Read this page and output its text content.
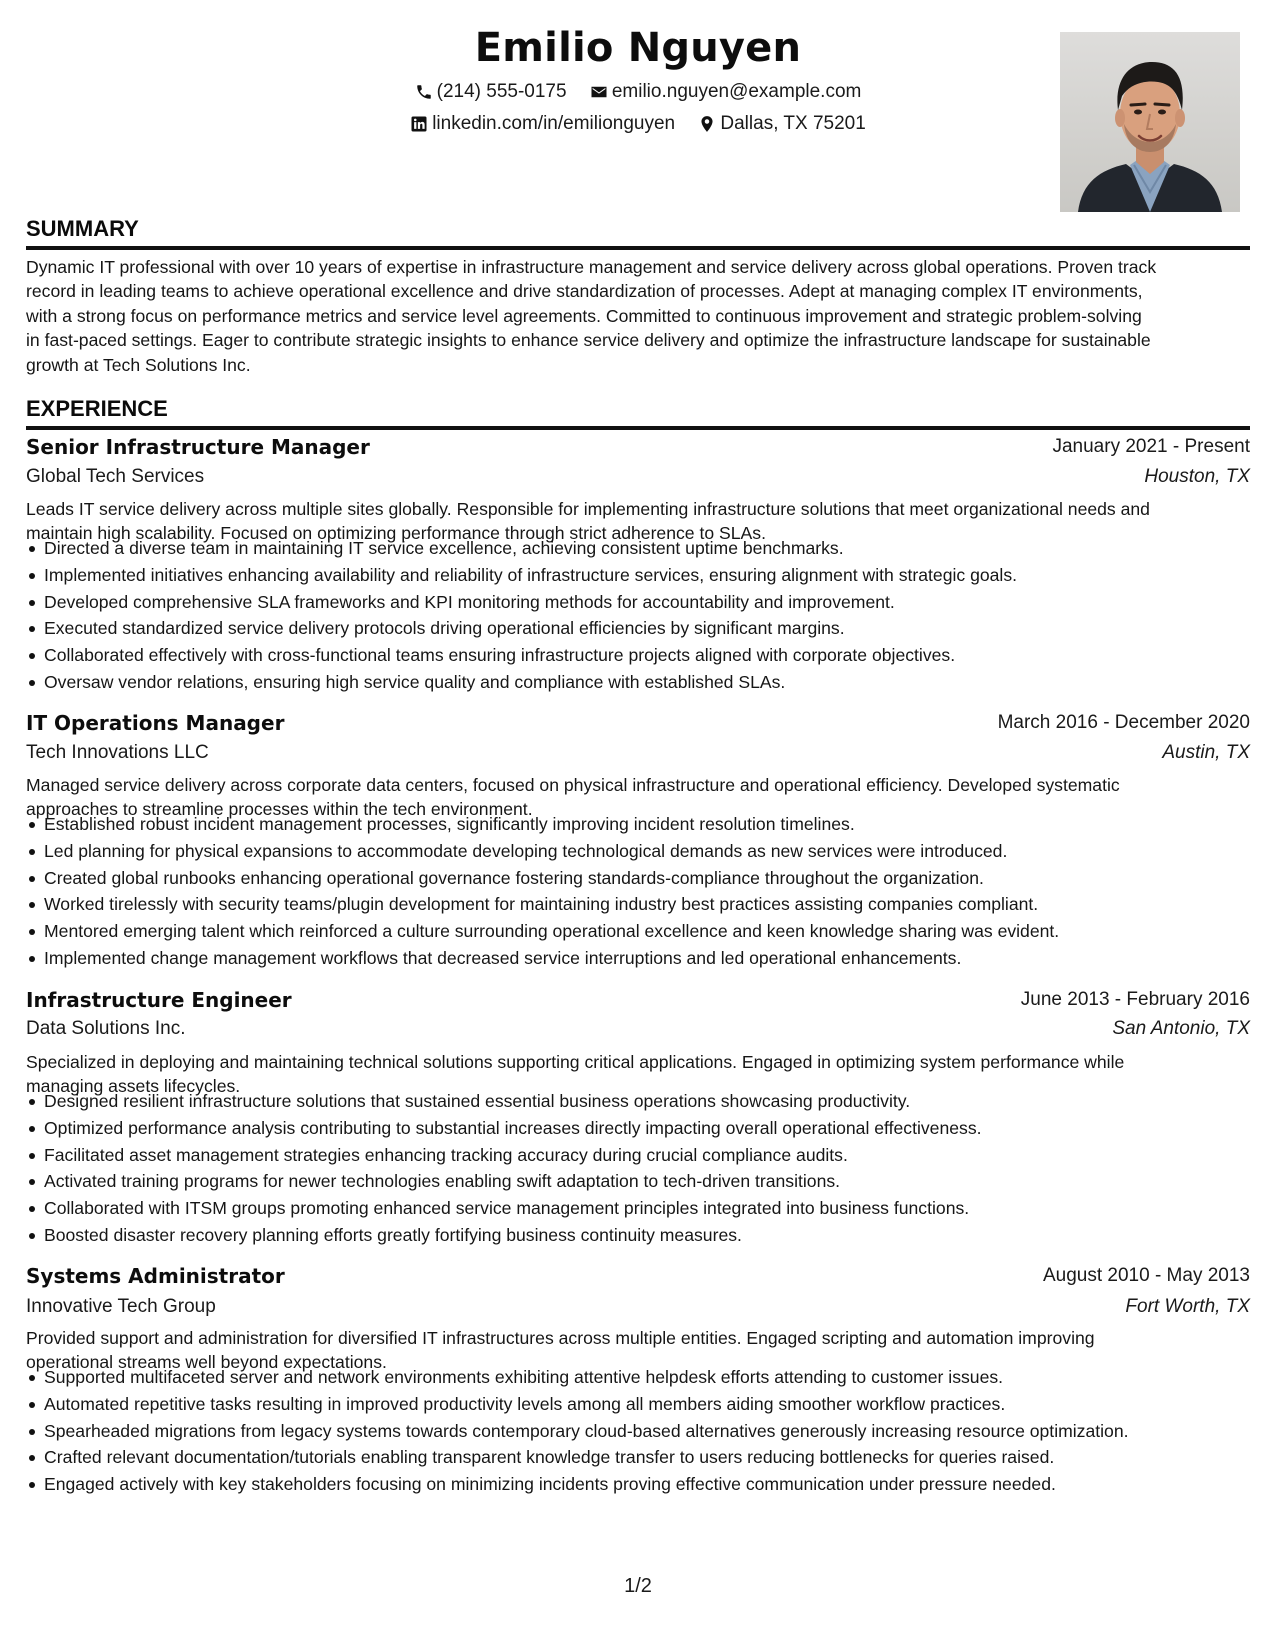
Emilio Nguyen
(214) 555-0175
emilio.nguyen@example.com
linkedin.com/in/emilionguyen
Dallas, TX 75201
SUMMARY
Dynamic IT professional with over 10 years of expertise in infrastructure management and service delivery across global operations. Proven track
record in leading teams to achieve operational excellence and drive standardization of processes. Adept at managing complex IT environments,
with a strong focus on performance metrics and service level agreements. Committed to continuous improvement and strategic problem-solving
in fast-paced settings. Eager to contribute strategic insights to enhance service delivery and optimize the infrastructure landscape for sustainable
growth at Tech Solutions Inc.
EXPERIENCE
Senior Infrastructure Manager	January 2021 - Present
Global Tech Services	Houston, TX
Leads IT service delivery across multiple sites globally. Responsible for implementing infrastructure solutions that meet organizational needs and
maintain high scalability. Focused on optimizing performance through strict adherence to SLAs.
Directed a diverse team in maintaining IT service excellence, achieving consistent uptime benchmarks.
Implemented initiatives enhancing availability and reliability of infrastructure services, ensuring alignment with strategic goals.
Developed comprehensive SLA frameworks and KPI monitoring methods for accountability and improvement.
Executed standardized service delivery protocols driving operational efficiencies by significant margins.
Collaborated effectively with cross-functional teams ensuring infrastructure projects aligned with corporate objectives.
Oversaw vendor relations, ensuring high service quality and compliance with established SLAs.
IT Operations Manager	March 2016 - December 2020
Tech Innovations LLC	Austin, TX
Managed service delivery across corporate data centers, focused on physical infrastructure and operational efficiency. Developed systematic
approaches to streamline processes within the tech environment.
Established robust incident management processes, significantly improving incident resolution timelines.
Led planning for physical expansions to accommodate developing technological demands as new services were introduced.
Created global runbooks enhancing operational governance fostering standards-compliance throughout the organization.
Worked tirelessly with security teams/plugin development for maintaining industry best practices assisting companies compliant.
Mentored emerging talent which reinforced a culture surrounding operational excellence and keen knowledge sharing was evident.
Implemented change management workflows that decreased service interruptions and led operational enhancements.
Infrastructure Engineer	June 2013 - February 2016
Data Solutions Inc.	San Antonio, TX
Specialized in deploying and maintaining technical solutions supporting critical applications. Engaged in optimizing system performance while
managing assets lifecycles.
Designed resilient infrastructure solutions that sustained essential business operations showcasing productivity.
Optimized performance analysis contributing to substantial increases directly impacting overall operational effectiveness.
Facilitated asset management strategies enhancing tracking accuracy during crucial compliance audits.
Activated training programs for newer technologies enabling swift adaptation to tech-driven transitions.
Collaborated with ITSM groups promoting enhanced service management principles integrated into business functions.
Boosted disaster recovery planning efforts greatly fortifying business continuity measures.
Systems Administrator	August 2010 - May 2013
Innovative Tech Group	Fort Worth, TX
Provided support and administration for diversified IT infrastructures across multiple entities. Engaged scripting and automation improving
operational streams well beyond expectations.
Supported multifaceted server and network environments exhibiting attentive helpdesk efforts attending to customer issues.
Automated repetitive tasks resulting in improved productivity levels among all members aiding smoother workflow practices.
Spearheaded migrations from legacy systems towards contemporary cloud-based alternatives generously increasing resource optimization.
Crafted relevant documentation/tutorials enabling transparent knowledge transfer to users reducing bottlenecks for queries raised.
Engaged actively with key stakeholders focusing on minimizing incidents proving effective communication under pressure needed.
1/2
